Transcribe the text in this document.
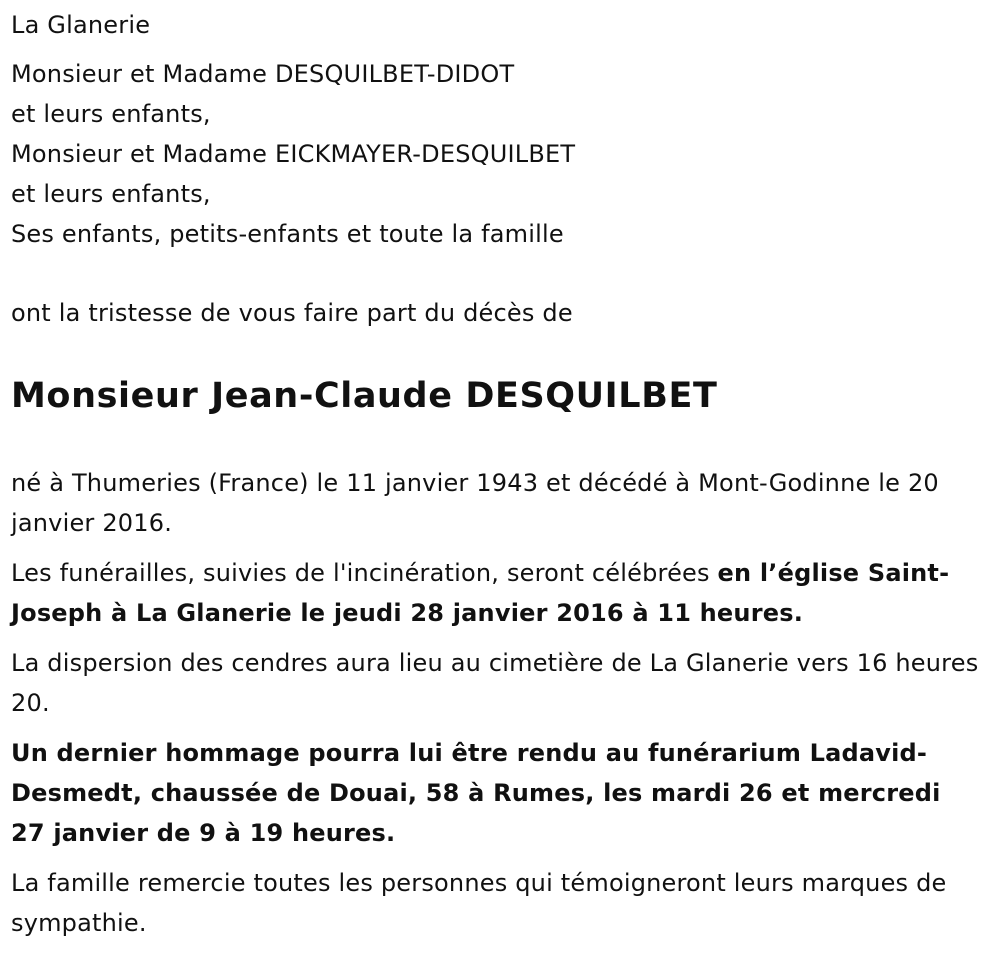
La Glanerie

Monsieur et Madame DESQUILBET-DIDOT
et leurs enfants,
Monsieur et Madame EICKMAYER-DESQUILBET
et leurs enfants,
Ses enfants, petits-enfants et toute la famille

ont la tristesse de vous faire part du décès de

Monsieur Jean-Claude DESQUILBET

né à Thumeries (France) le 11 janvier 1943 et décédé à Mont-Godinne le 20 janvier 2016.

Les funérailles, suivies de l'incinération, seront célébrées en l’église Saint-Joseph à La Glanerie le jeudi 28 janvier 2016 à 11 heures.

La dispersion des cendres aura lieu au cimetière de La Glanerie vers 16 heures 20.

Un dernier hommage pourra lui être rendu au funérarium Ladavid-Desmedt, chaussée de Douai, 58 à Rumes, les mardi 26 et mercredi 27 janvier de 9 à 19 heures.

La famille remercie toutes les personnes qui témoigneront leurs marques de sympathie.
